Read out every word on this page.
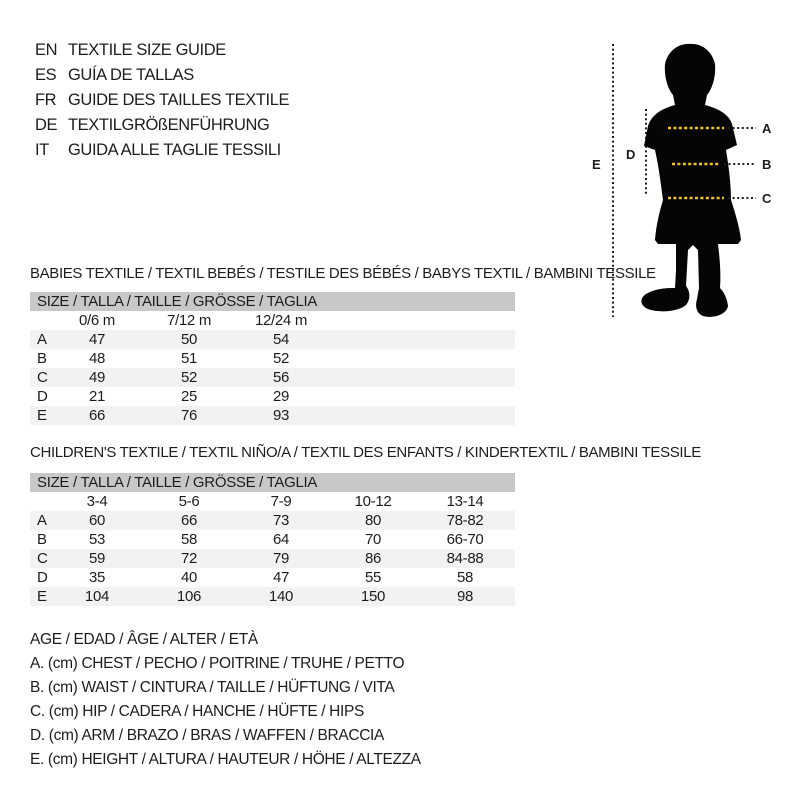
EN TEXTILE SIZE GUIDE
ES GUÍA DE TALLAS
FR GUIDE DES TAILLES TEXTILE
DE TEXTILGRÖßENFÜHRUNG
IT	GUIDA ALLE TAGLIE TESSILI
E
D
A
B
C
BABIES TEXTILE / TEXTIL BEBÉS / TESTILE DES BÉBÉS / BABYS TEXTIL / BAMBINI TESSILE
SIZE / TALLA / TAILLE / GRÖSSE / TAGLIA
0/6 m	7/12 m	12/24 m
A	47	50	54
B	48	51	52
C	49	52	56
D	21	25	29
E	66	76	93
CHILDREN'S TEXTILE / TEXTIL NIÑO/A / TEXTIL DES ENFANTS / KINDERTEXTIL / BAMBINI TESSILE
SIZE / TALLA / TAILLE / GRÖSSE / TAGLIA
3-4	5-6	7-9	10-12	13-14
A	60	66	73	80	78-82
B	53	58	64	70	66-70
C	59	72	79	86	84-88
D	35	40	47	55	58
E	104	106	140	150	98
AGE / EDAD / ÂGE / ALTER / ETÀ
A. (cm) CHEST / PECHO / POITRINE / TRUHE / PETTO
B. (cm) WAIST / CINTURA / TAILLE / HÜFTUNG / VITA
C. (cm) HIP / CADERA / HANCHE / HÜFTE / HIPS
D. (cm) ARM / BRAZO / BRAS / WAFFEN / BRACCIA
E. (cm) HEIGHT / ALTURA / HAUTEUR / HÖHE / ALTEZZA
